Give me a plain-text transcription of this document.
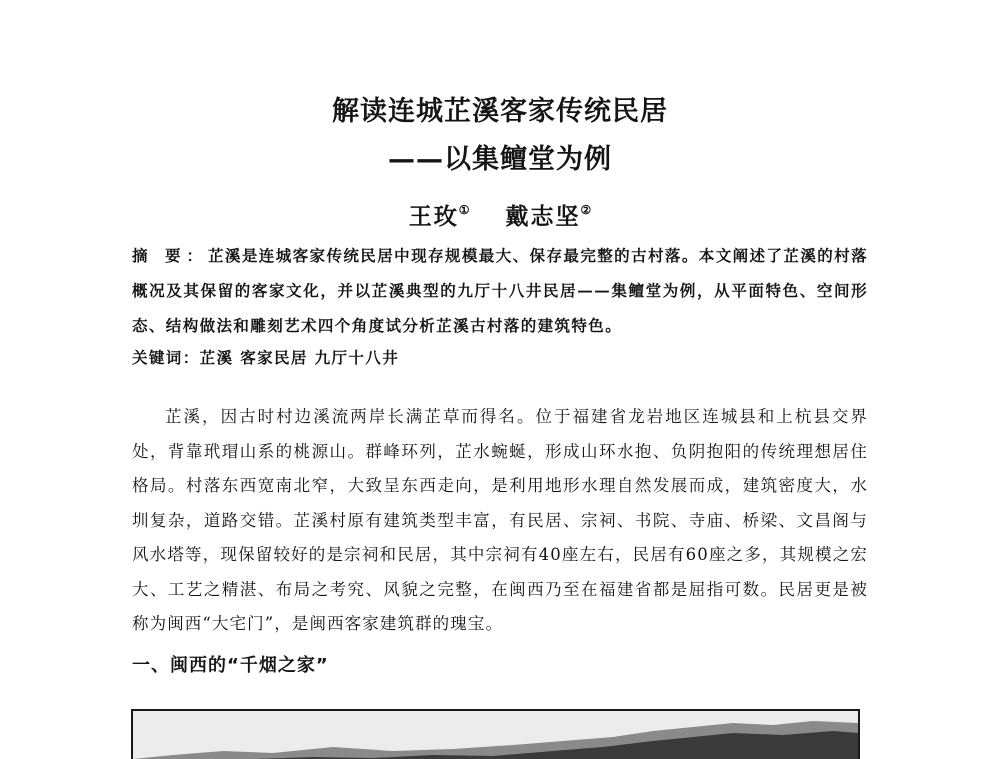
解读连城芷溪客家传统民居
——以集鳣堂为例
王玫① 戴志坚②

摘 要：芷溪是连城客家传统民居中现存规模最大、保存最完整的古村落。本文阐述了芷溪的村落概况及其保留的客家文化，并以芷溪典型的九厅十八井民居——集鳣堂为例，从平面特色、空间形态、结构做法和雕刻艺术四个角度试分析芷溪古村落的建筑特色。

关键词：芷溪 客家民居 九厅十八井

芷溪，因古时村边溪流两岸长满芷草而得名。位于福建省龙岩地区连城县和上杭县交界处，背靠玳瑁山系的桃源山。群峰环列，芷水蜿蜒，形成山环水抱、负阴抱阳的传统理想居住格局。村落东西宽南北窄，大致呈东西走向，是利用地形水理自然发展而成，建筑密度大，水圳复杂，道路交错。芷溪村原有建筑类型丰富，有民居、宗祠、书院、寺庙、桥梁、文昌阁与风水塔等，现保留较好的是宗祠和民居，其中宗祠有40座左右，民居有60座之多，其规模之宏大、工艺之精湛、布局之考究、风貌之完整，在闽西乃至在福建省都是屈指可数。民居更是被称为闽西“大宅门”，是闽西客家建筑群的瑰宝。

一、闽西的“千烟之家”
